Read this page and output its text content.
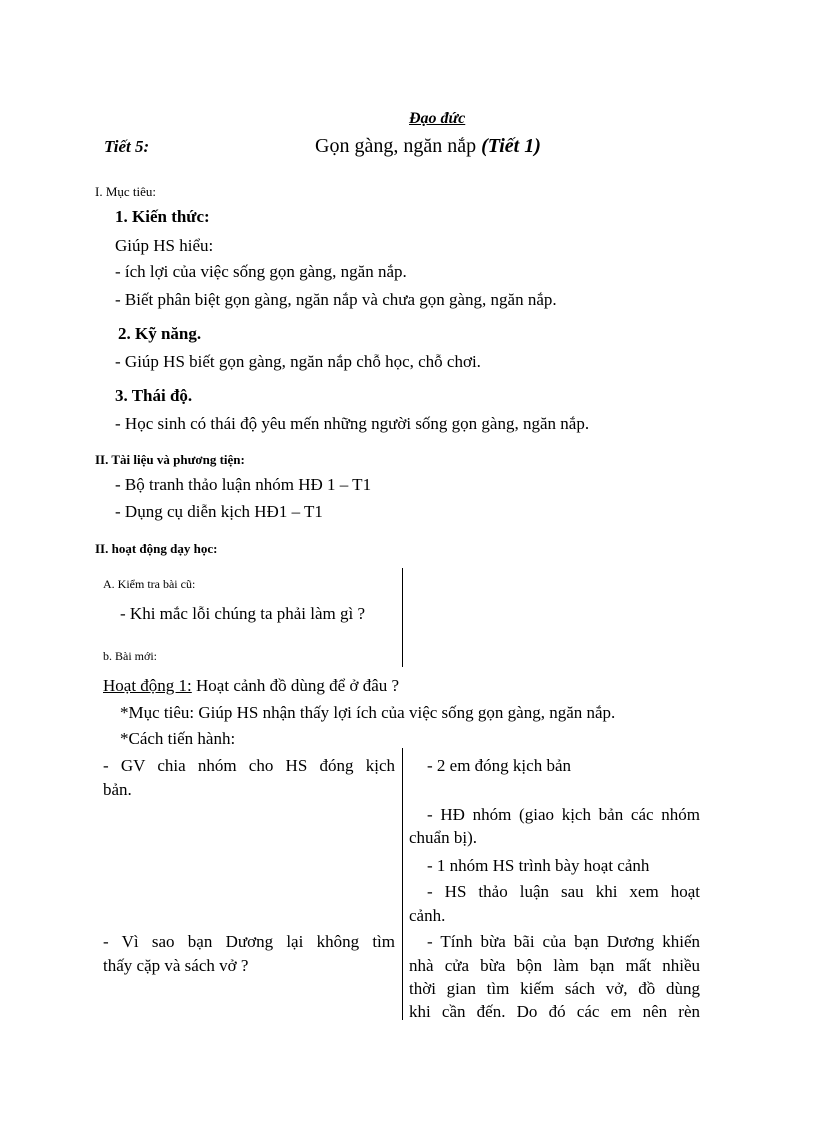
Đạo đức
Tiết 5:	Gọn gàng, ngăn nắp (Tiết 1)
I. Mục tiêu:
1. Kiến thức:
Giúp HS hiểu:
- ích lợi của việc sống gọn gàng, ngăn nắp.
- Biết phân biệt gọn gàng, ngăn nắp và chưa gọn gàng, ngăn nắp.
2. Kỹ năng.
- Giúp HS biết gọn gàng, ngăn nắp chỗ học, chỗ chơi.
3. Thái độ.
- Học sinh có thái độ yêu mến những người sống gọn gàng, ngăn nắp.
II. Tài liệu và phương tiện:
- Bộ tranh thảo luận nhóm HĐ 1 – T1
- Dụng cụ diễn kịch HĐ1 – T1
II. hoạt động dạy học:
A. Kiểm tra bài cũ:
- Khi mắc lỗi chúng ta phải làm gì ?
b. Bài mới:
Hoạt động 1: Hoạt cảnh đồ dùng để ở đâu ?
*Mục tiêu: Giúp HS nhận thấy lợi ích của việc sống gọn gàng, ngăn nắp.
*Cách tiến hành:
- GV chia nhóm cho HS đóng kịch
bản.
- Vì sao bạn Dương lại không tìm
thấy cặp và sách vở ?
- 2 em đóng kịch bản
- HĐ nhóm (giao kịch bản các nhóm
chuẩn bị).
- 1 nhóm HS trình bày hoạt cảnh
- HS thảo luận sau khi xem hoạt
cảnh.
- Tính bừa bãi của bạn Dương khiến
nhà cửa bừa bộn làm bạn mất nhiều
thời gian tìm kiếm sách vở, đồ dùng
khi cần đến. Do đó các em nên rèn
